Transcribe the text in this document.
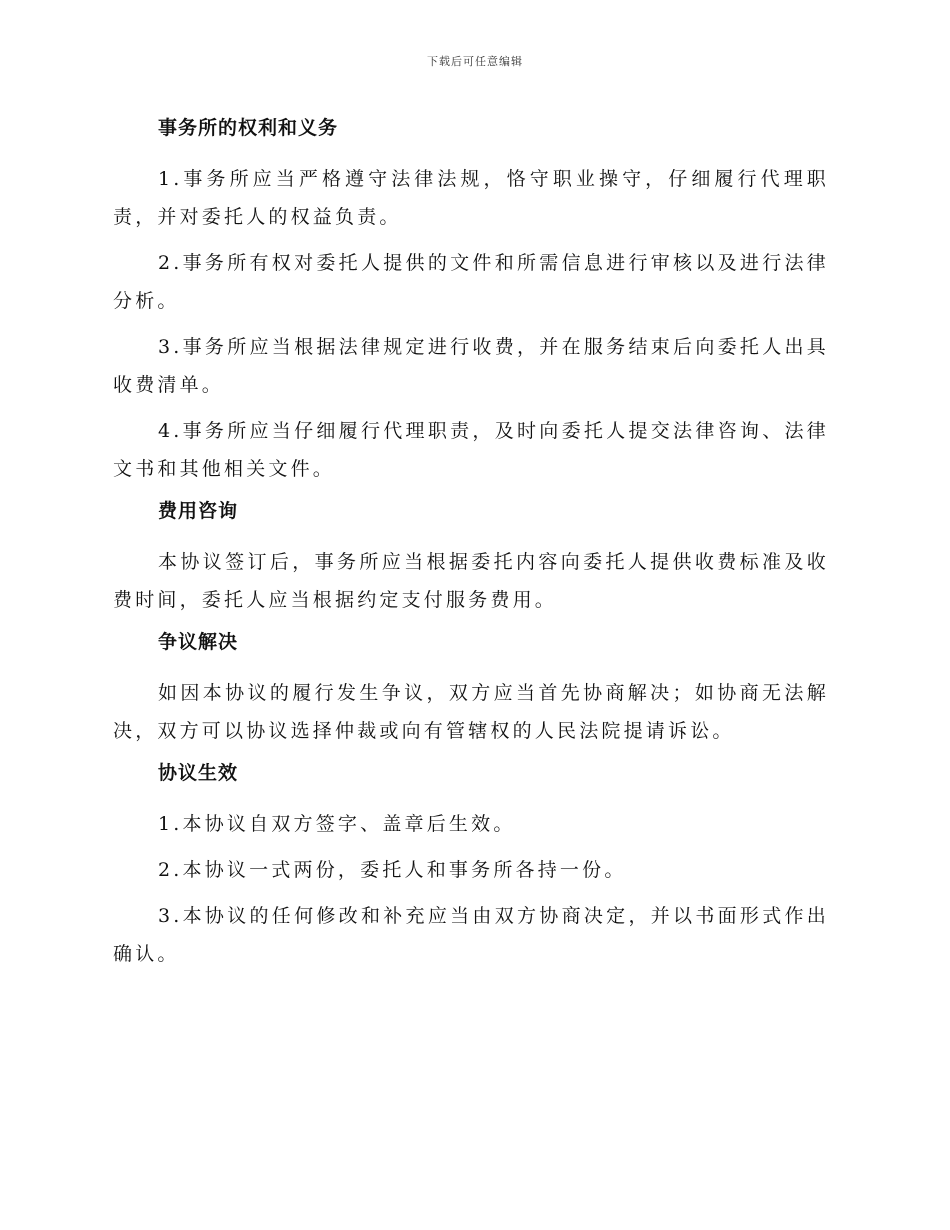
下载后可任意编辑

事务所的权利和义务

1.事务所应当严格遵守法律法规，恪守职业操守，仔细履行代理职责，并对委托人的权益负责。

2.事务所有权对委托人提供的文件和所需信息进行审核以及进行法律分析。

3.事务所应当根据法律规定进行收费，并在服务结束后向委托人出具收费清单。

4.事务所应当仔细履行代理职责，及时向委托人提交法律咨询、法律文书和其他相关文件。

费用咨询

本协议签订后，事务所应当根据委托内容向委托人提供收费标准及收费时间，委托人应当根据约定支付服务费用。

争议解决

如因本协议的履行发生争议，双方应当首先协商解决；如协商无法解决，双方可以协议选择仲裁或向有管辖权的人民法院提请诉讼。

协议生效

1.本协议自双方签字、盖章后生效。

2.本协议一式两份，委托人和事务所各持一份。

3.本协议的任何修改和补充应当由双方协商决定，并以书面形式作出确认。
